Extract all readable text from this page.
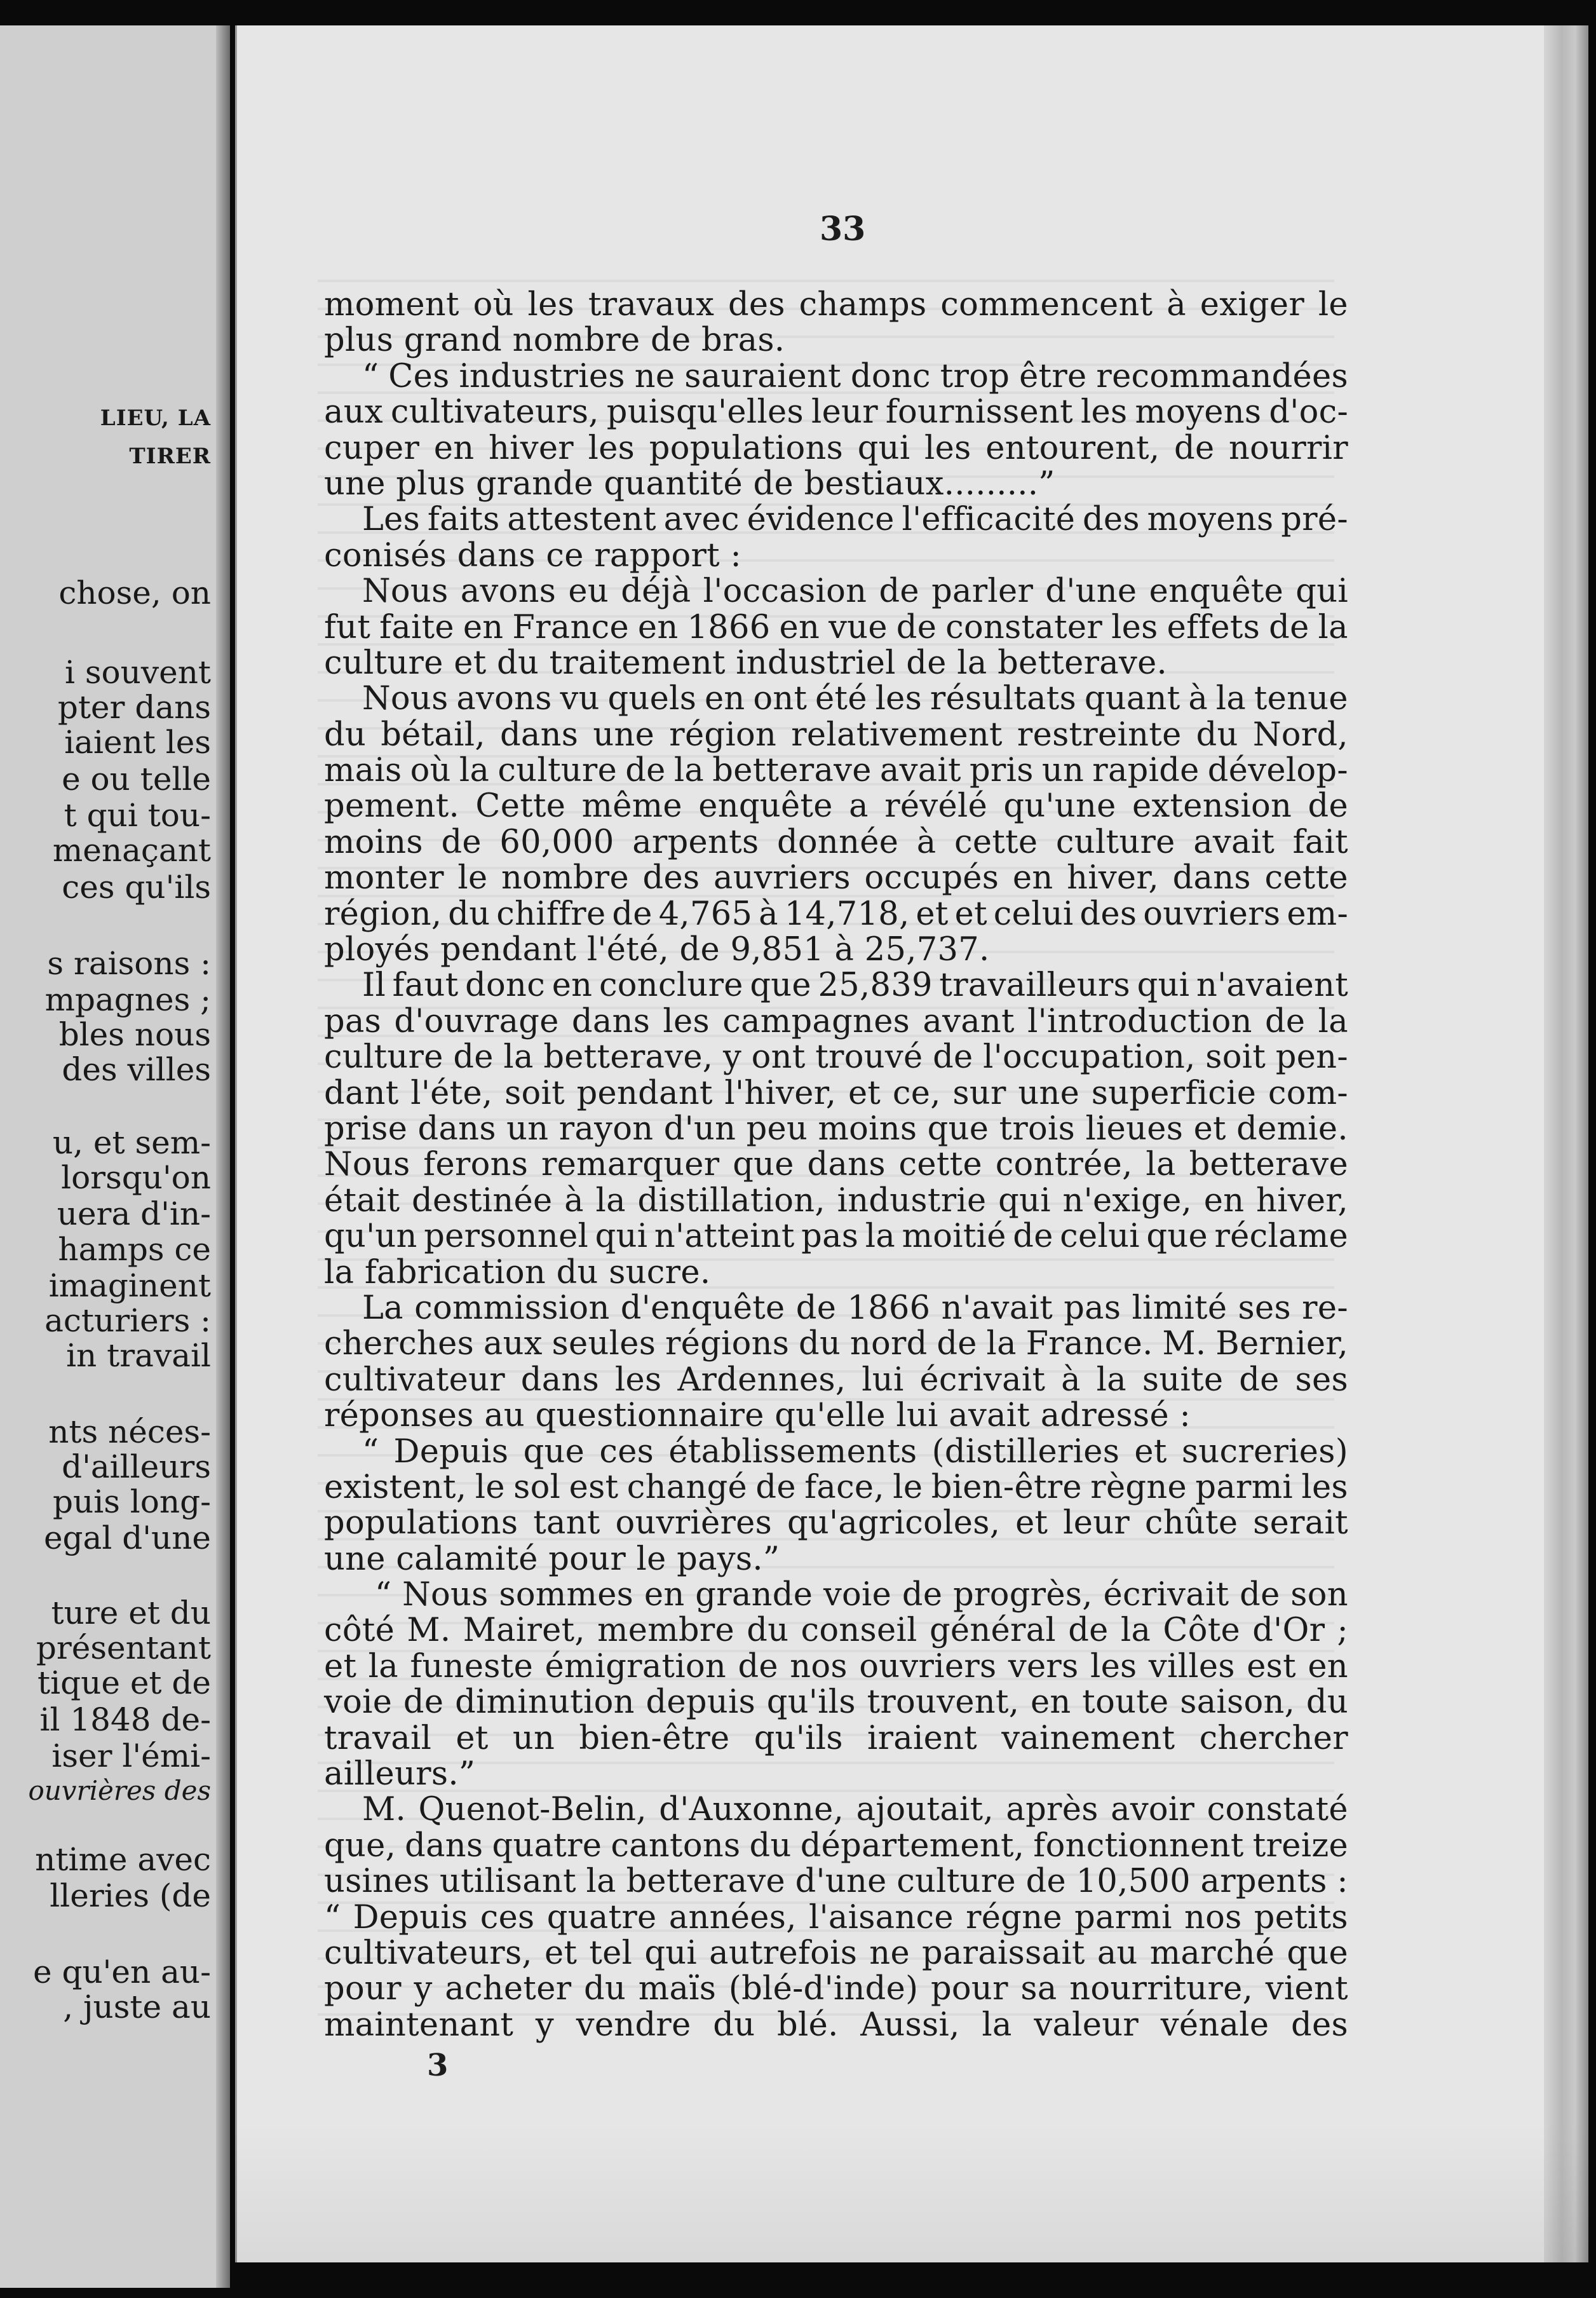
LIEU, LA
TIRER
chose, on
i souvent
pter dans
iaient les
e ou telle
t qui tou-
menaçant
ces qu'ils
s raisons :
mpagnes ;
bles nous
des villes
u, et sem-
lorsqu'on
uera d'in-
hamps ce
imaginent
acturiers :
in travail
nts néces-
d'ailleurs
puis long-
egal d'une
ture et du
présentant
tique et de
il 1848 de-
iser l'émi-
ouvrières des
ntime avec
lleries (de
e qu'en au-
, juste au
33
moment où les travaux des champs commencent à exiger le
plus grand nombre de bras.
“ Ces industries ne sauraient donc trop être recommandées
aux cultivateurs, puisqu'elles leur fournissent les moyens d'oc-
cuper en hiver les populations qui les entourent, de nourrir
une plus grande quantité de bestiaux.........”
Les faits attestent avec évidence l'efficacité des moyens pré-
conisés dans ce rapport :
Nous avons eu déjà l'occasion de parler d'une enquête qui
fut faite en France en 1866 en vue de constater les effets de la
culture et du traitement industriel de la betterave.
Nous avons vu quels en ont été les résultats quant à la tenue
du bétail, dans une région relativement restreinte du Nord,
mais où la culture de la betterave avait pris un rapide dévelop-
pement. Cette même enquête a révélé qu'une extension de
moins de 60,000 arpents donnée à cette culture avait fait
monter le nombre des auvriers occupés en hiver, dans cette
région, du chiffre de 4,765 à 14,718, et et celui des ouvriers em-
ployés pendant l'été, de 9,851 à 25,737.
Il faut donc en conclure que 25,839 travailleurs qui n'avaient
pas d'ouvrage dans les campagnes avant l'introduction de la
culture de la betterave, y ont trouvé de l'occupation, soit pen-
dant l'éte, soit pendant l'hiver, et ce, sur une superficie com-
prise dans un rayon d'un peu moins que trois lieues et demie.
Nous ferons remarquer que dans cette contrée, la betterave
était destinée à la distillation, industrie qui n'exige, en hiver,
qu'un personnel qui n'atteint pas la moitié de celui que réclame
la fabrication du sucre.
La commission d'enquête de 1866 n'avait pas limité ses re-
cherches aux seules régions du nord de la France. M. Bernier,
cultivateur dans les Ardennes, lui écrivait à la suite de ses
réponses au questionnaire qu'elle lui avait adressé :
“ Depuis que ces établissements (distilleries et sucreries)
existent, le sol est changé de face, le bien-être règne parmi les
populations tant ouvrières qu'agricoles, et leur chûte serait
une calamité pour le pays.”
“ Nous sommes en grande voie de progrès, écrivait de son
côté M. Mairet, membre du conseil général de la Côte d'Or ;
et la funeste émigration de nos ouvriers vers les villes est en
voie de diminution depuis qu'ils trouvent, en toute saison, du
travail et un bien-être qu'ils iraient vainement chercher
ailleurs.”
M. Quenot-Belin, d'Auxonne, ajoutait, après avoir constaté
que, dans quatre cantons du département, fonctionnent treize
usines utilisant la betterave d'une culture de 10,500 arpents :
“ Depuis ces quatre années, l'aisance régne parmi nos petits
cultivateurs, et tel qui autrefois ne paraissait au marché que
pour y acheter du maïs (blé-d'inde) pour sa nourriture, vient
maintenant y vendre du blé. Aussi, la valeur vénale des
3
